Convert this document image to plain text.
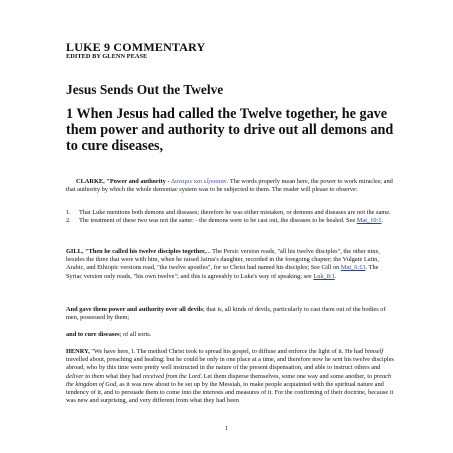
LUKE 9 COMMENTARY
EDITED BY GLENN PEASE
Jesus Sends Out the Twelve
1 When Jesus had called the Twelve together, he gave them power and authority to drive out all demons and to cure diseases,

CLARKE, "Power and authority - Δυναμιν και εξουσιαν. The words properly mean here, the power to work miracles; and that authority by which the whole demoniac system was to be subjected to them. The reader will please to observe:

1. That Luke mentions both demons and diseases; therefore he was either mistaken, or demons and diseases are not the same.
2. The treatment of these two was not the same: - the demons were to be cast out, the diseases to be healed. See Mat_10:1.

GILL, "Then he called his twelve disciples together,... The Persic version reads, "all his twelve disciples", the other nine, besides the three that were with him, when he raised Jairus's daughter, recorded in the foregoing chapter; the Vulgate Latin, Arabic, and Ethiopic versions read, "the twelve apostles", for so Christ had named his disciples; See Gill on Mat_6:13. The Syriac version only reads, "his own twelve"; and this is agreeably to Luke's way of speaking; see Luk_8:1.

And gave them power and authority over all devils; that is, all kinds of devils, particularly to cast them out of the bodies of men, possessed by them;

and to cure diseases; of all sorts.

HENRY, "We have here, I. The method Christ took to spread his gospel, to diffuse and enforce the light of it. He had himself travelled about, preaching and healing; but he could be only in one place at a time, and therefore now he sent his twelve disciples abroad, who by this time were pretty well instructed in the nature of the present dispensation, and able to instruct others and deliver to them what they had received from the Lord. Let them disperse themselves, some one way and some another, to preach the kingdom of God, as it was now about to be set up by the Messiah, to make people acquainted with the spiritual nature and tendency of it, and to persuade them to come into the interests and measures of it. For the confirming of their doctrine, because it was new and surprising, and very different from what they had been

1
